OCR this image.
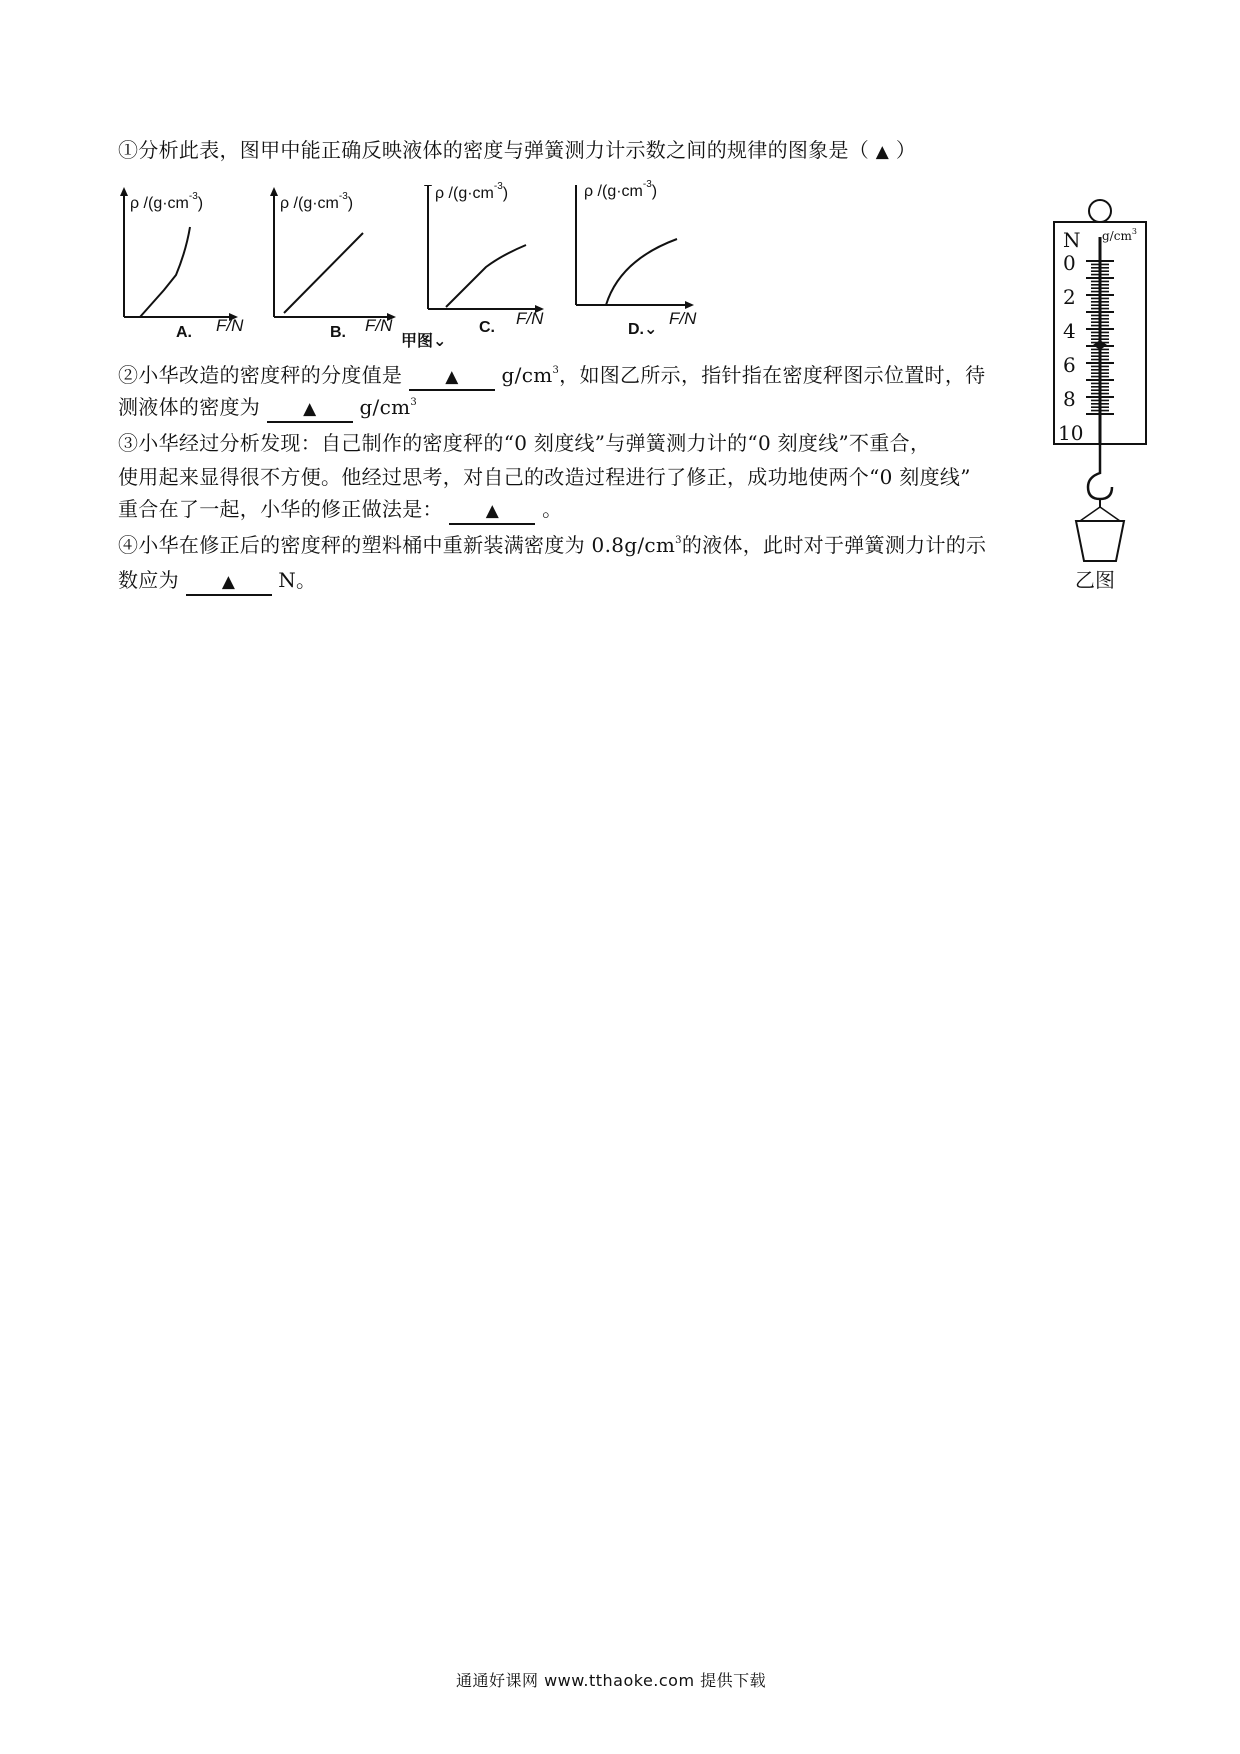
①分析此表，图甲中能正确反映液体的密度与弹簧测力计示数之间的规律的图象是（ ▲ ）
ρ $/(g\cdot cm^{-3})$	ρ $/(g\cdot cm^{-3})$
ρ $/(g\cdot cm^{-3})$	ρ $/(g\cdot cm^{-3})$
A.	B.	C.	D.⌄
F/N	F/N	F/N	F/N
甲图⌄
②小华改造的密度秤的分度值是	▲ $g/cm^3$，如图乙所示，指针指在密度秤图示位置时，待
测液体的密度为	▲ $g/cm^3$
③小华经过分析发现：自己制作的密度秤的“0 刻度线”与弹簧测力计的“0 刻度线”不重合，
使用起来显得很不方便。他经过思考，对自己的改造过程进行了修正，成功地使两个“0 刻度线”
重合在了一起，小华的修正做法是：	▲ 。
④小华在修正后的密度秤的塑料桶中重新装满密度为 $0.8g/cm^3$的液体，此时对于弹簧测力计的示
数应为	▲ N。
N $g/cm^3$
0
2
4
6
8
10
乙图
通通好课网 www.tthaoke.com 提供下载
